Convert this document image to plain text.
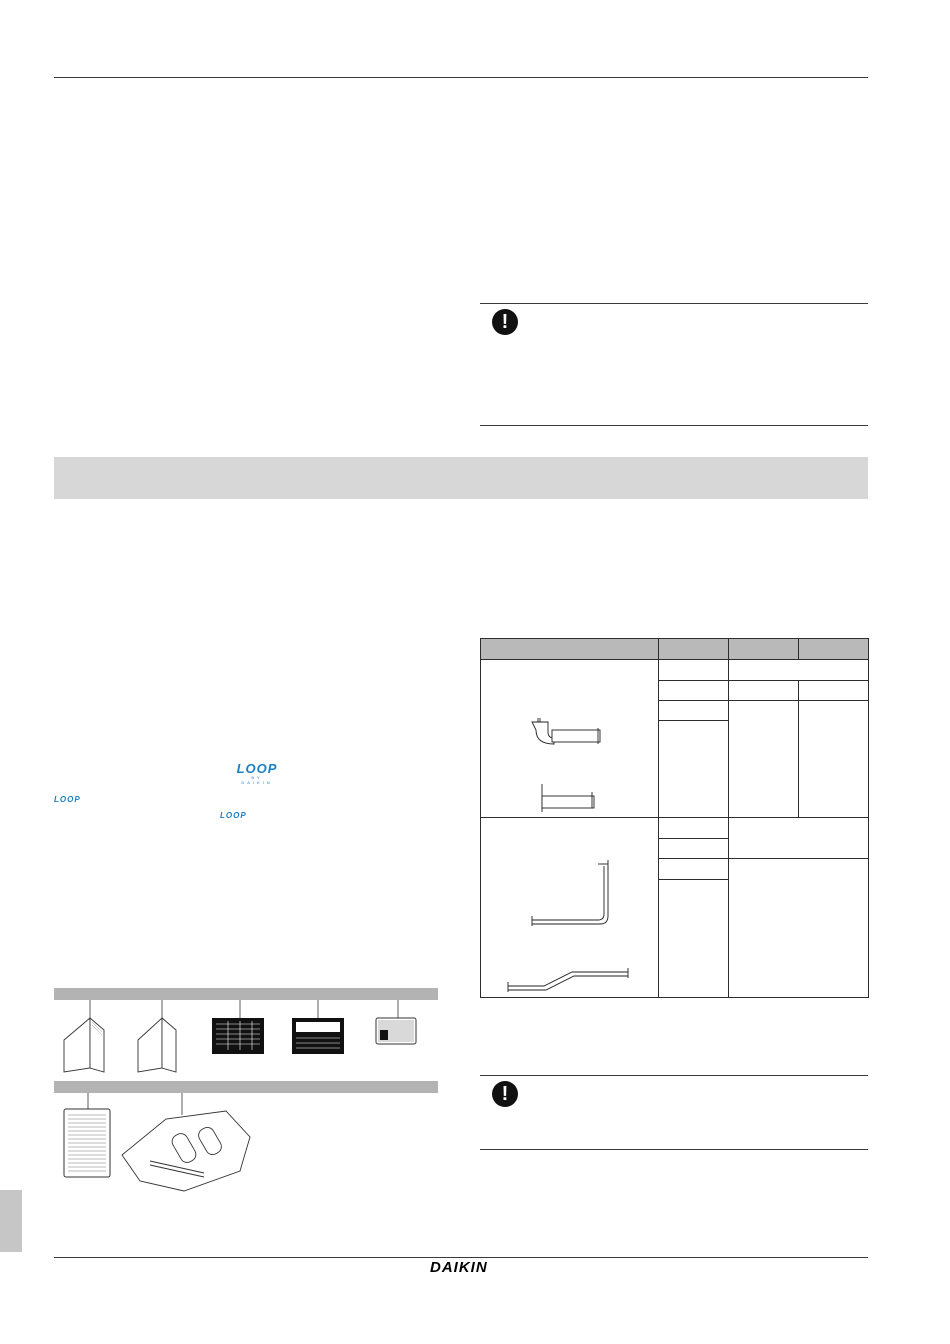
!
LOOP
BY DAIKIN
LOOP
LOOP
!
DAIKIN
